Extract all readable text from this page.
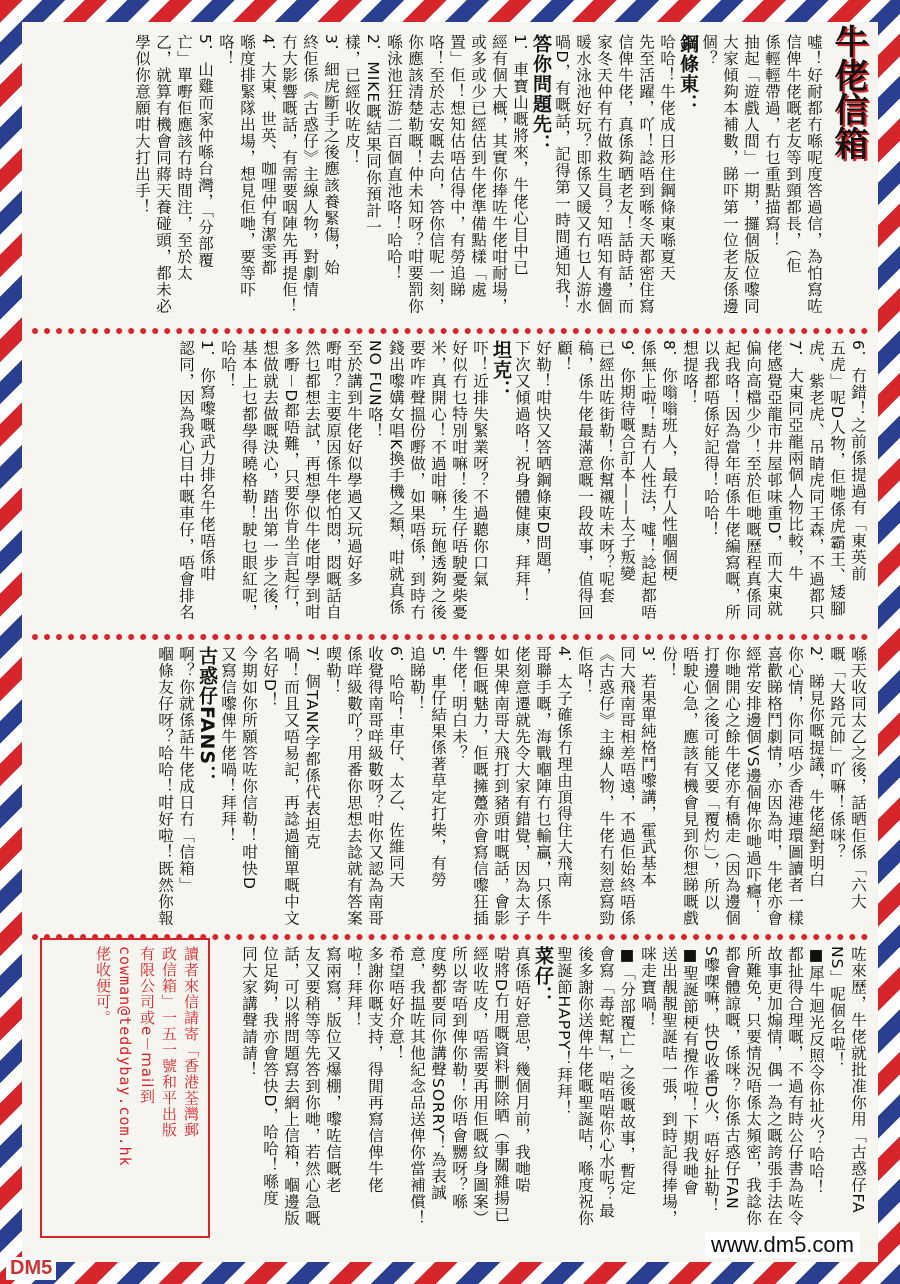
牛佬信箱
噓！好耐都冇喺呢度答過信，為怕寫咗信俾牛佬嘅老友等到頸都長，（佢
係輕輕帶過，冇乜重點描寫！
抽起「遊戲人間」一期，攞個版位嚟同
大家傾夠本補數，睇吓第一位老友係邊
個？
鋼條東：
哈哈！牛佬成日形住鋼條東喺夏天
先至活躍，吖！諗唔到喺冬天都密住寫
信俾牛佬，真係夠晒老友！話時話，而
家冬天仲有冇做救生員？知唔知有邊個
暖水泳池好玩？即係又暖又冇乜人游水
喎D，有嘅話，記得第一時間通知我！
答你問題先：
1．車寶山嘅將來，牛佬心目中已
經有個大概，其實你捧咗牛佬咁耐場，
或多或少已經估到牛佬準備點樣「處
置」佢！想知估唔估得中，有勞追睇
咯！至於志安嘅去向，答你信呢一刻，
你應該清楚勒嘅！仲未知呀？咁要罰你
喺泳池狂游二百個直池咯！哈哈！
2．MIKE嘅結果同你預計一
樣，已經收咗皮！
3．細虎斷手之後應該養緊傷，始
終佢係《古惑仔》主線人物，對劇情
冇大影響嘅話，有需要咽陣先再提佢！
4．大東、世英、咖哩仲有潔雯都
喺度排緊隊出場，想見佢哋，要等吓
咯！
5．山雞而家仲喺台灣，「分部覆
亡」單嘢佢應該冇時間注，至於太
乙，就算有機會同蔣天養碰頭，都未必
學似你意願咁大打出手！
6．冇錯！之前係提過有「東英前
五虎」呢D人物，佢哋係虎霸王、矮腳
虎、紫老虎、吊睛虎同王森，不過都只
7．大東同亞龍兩個人物比較，牛
佬感覺亞龍市井屋邨味重D，而大東就
偏向高檔少少！至於佢哋嘅歷程真係同
起我咯！因為當年唔係牛佬編寫嘅，所
以我都唔係好記得！哈哈！
想提咯！
8．你嗡嗡班人，最冇人性嗰個梗
係無上啦！黠冇人性法，噓！諗起都唔
9．你期待嘅合訂本——太子叛變
已經出咗街勒！你幫襯咗未呀？呢套
稿，係牛佬最滿意嘅一段故事，值得回
顧！
好勒！咁快又答晒鋼條東D問題，
下次又傾過咯！祝身體健康，拜拜！
坦克：
吓！近排失緊業呀？不過聽你口氣
好似冇乜特別咁嘛！後生仔唔駛憂柴憂
米，真開心！不過咁嘛，玩飽透夠之後
要咋咋聲搵份嘢做，如果唔係，到時冇
錢出嚟媾女唱K換手機之類，咁就真係
NO FUN咯！
至於講到牛佬好似學過又玩過好多
嘢咁？主要原因係牛佬怕悶，悶嘅話自
然乜都想去試，再想學似牛佬咁學到咁
多嘢－D都唔難，只要你肯坐言起行，
想做就去做嘅決心，踏出第一步之後，
基本上乜都學得曉格勒！駛乜眼紅呢，
哈哈！
1．你寫嚟嘅武力排名牛佬唔係咁
認同，因為我心目中嘅車仔，唔會排名
喺天收同太乙之後，話晒佢係「六大
嘅「大路元帥」吖嘛！係咪？
2．睇見你嘅提議，牛佬絕對明白
你心情，你同唔少香港連環圖讀者一樣
喜歡睇格鬥劇情，亦因為咁，牛佬亦會
經常安排邊個VS邊個俾你哋過吓癮！
你哋開心之餘牛佬亦有橋走（因為邊個
打邊個之後可能又要「覆灼」），所以
唔駛心急，應該有機會見到你想睇嘅戲
份！
3．若果單純格鬥嚟講，霍武基本
同大飛南哥相差唔遠，不過佢始終唔係
《古惑仔》主線人物，牛佬冇刻意寫勁
佢咯！
4．太子確係冇理由頂得住大飛南
哥聯手嘅，海戰嗰陣冇乜輸贏，只係牛
佬刻意遷就先令大家有錯覺，因為太子
如果俾南哥大飛打到豬頭咁嘅話，會影
響佢嘅魅力，佢嘅擁躉亦會寫信嚟狂插
牛佬！明白未？
5．車仔結果係著草定打柴，有勞
追睇勒！
6．哈哈！車仔、太乙、佐維同天
收覺得南哥咩級數呀？咁你又認為南哥
係咩級數吖？用番你思想去諗就有答案
喫勒！
7．個TANK字都係代表坦克
喎！而且又唔易記，再諗過簡單嘅中文
名好D！
今期如你所願答咗你信勒！咁快D
又寫信嚟俾牛佬喎！拜拜！
古惑仔FANS：
啊？你就係話牛佬成日冇「信箱」
嗰條友仔呀？哈哈！咁好啦！既然你報
咗來歷，牛佬就批准你用「古惑仔FA
NS」呢個名啦！
■犀牛迴光反照令你扯火？哈哈！
都扯得合理嘅，不過有時公仔書為咗令
故事更加煽情，偶一為之嘅誇張手法在
所難免，只要情況唔係太頻密，我諗你
都會體諒嘅，係咪？你係古惑仔FAN
S嚟㗎嘛，快D收番D火，唔好扯勒！
■聖誕節梗有攪作啦！下期我哋會
送出靚靚聖誕咭一張，到時記得捧場，
咪走寶喎！
■「分部覆亡」之後嘅故事，暫定
會寫「毒蛇幫」，啱唔啱你心水呢？最
後多謝你送俾牛佬嘅聖誕咭，喺度祝你
聖誕節HAPPY！拜拜！
菜仔：
真係唔好意思，幾個月前，我哋啱
啱將D冇用嘅資料刪除晒（事關雜揚已
經收咗皮，唔需要再用佢嘅紋身圖案）
所以寄唔到俾你勒！你唔會嬲呀？喺
度勢都要同你講聲SORRY！為表誠
意，我揾咗其他紀念品送俾你當補償！
希望唔好介意！
多謝你嘅支持，得閒再寫信俾牛佬
啦！拜拜！
寫兩寫，版位又爆棚，嚟咗信嘅老
友又要稍等等先答到你哋，若然心急嘅
話，可以將問題寫去網上信箱，嗰邊版
位足夠，我亦會答快D，哈哈！喺度
同大家講聲請請！
讀者來信請寄「香港荃灣郵
政信箱」一五一號和平出版
有限公司或e－mail到
cowman@teddybay.com.hk
佬收便可。
www.dm5.com
DM5
